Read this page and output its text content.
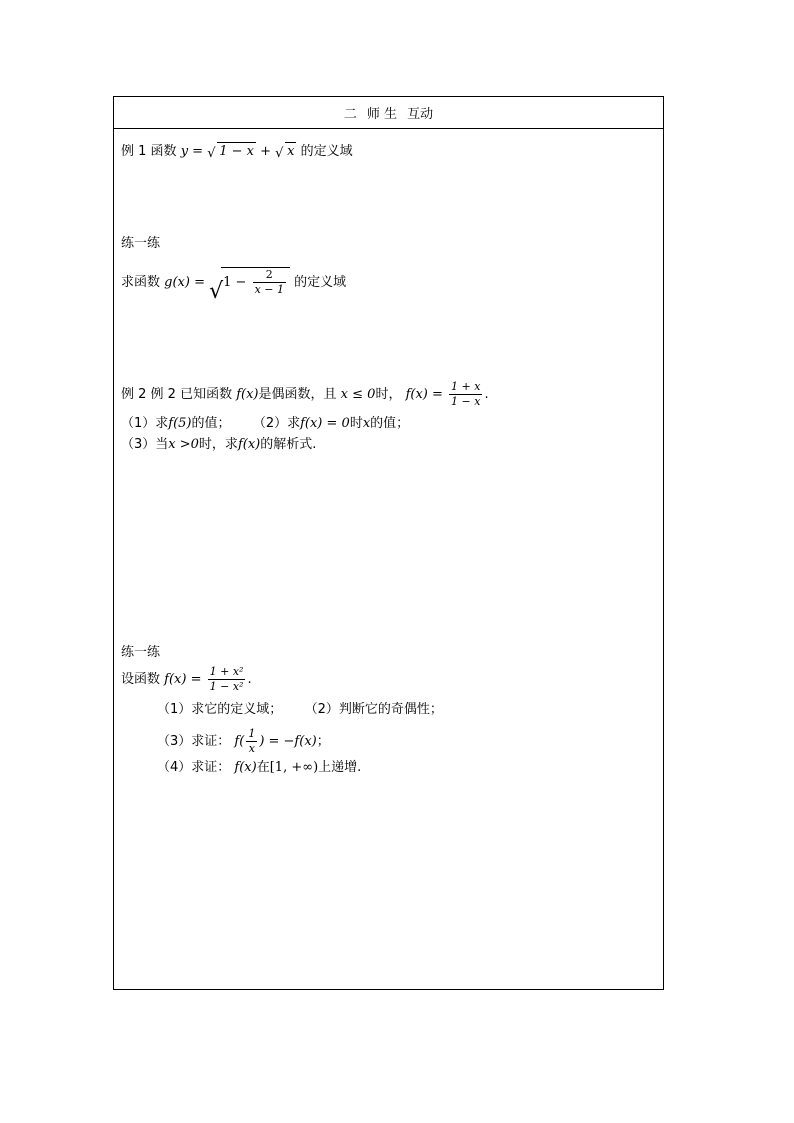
二 师 生 互动
例 1 函数 y = √ 1 − x + √ x 的定义域
练一练
求函数 g(x) = √ $1 - \frac{2}{x - 1}$ 的定义域
例 2 例 2 已知函数 f(x)是偶函数，且 x ≤ 0时， $f(x) = \frac{1 + x}{1 - x}$ .
（1）求f(5)的值； （2）求f(x) = 0时x的值；
（3）当x >0时，求f(x)的解析式.
练一练
设函数 $f(x) = \frac{\text{1 + x²}}{\text{1 − x²}}$ .
（1）求它的定义域； （2）判断它的奇偶性；
（3）求证： $f( \frac{1}{x}$ ) = −f(x)；
（4）求证： f(x)在[1, +∞)上递增.
